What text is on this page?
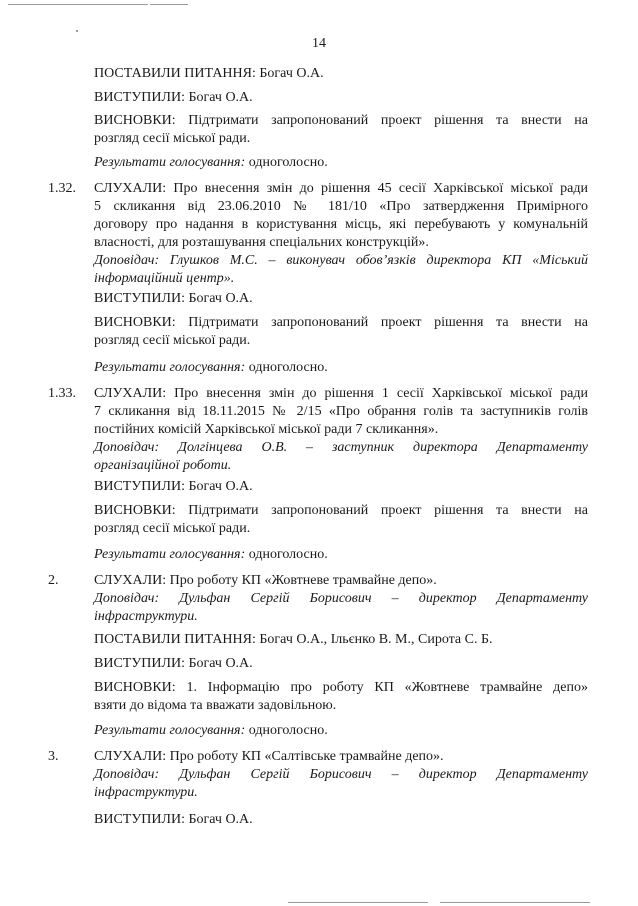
14

ПОСТАВИЛИ ПИТАННЯ: Богач О.А.

ВИСТУПИЛИ: Богач О.А.

ВИСНОВКИ: Підтримати запропонований проект рішення та внести на
розгляд сесії міської ради.

Результати голосування: одноголосно.

1.32. СЛУХАЛИ: Про внесення змін до рішення 45 сесії Харківської міської ради
5 скликання від 23.06.2010 № 181/10 «Про затвердження Примірного
договору про надання в користування місць, які перебувають у комунальній
власності, для розташування спеціальних конструкцій».
Доповідач: Глушков М.С. – виконувач обов’язків директора КП «Міський
інформаційний центр».

ВИСТУПИЛИ: Богач О.А.

ВИСНОВКИ: Підтримати запропонований проект рішення та внести на
розгляд сесії міської ради.

Результати голосування: одноголосно.

1.33. СЛУХАЛИ: Про внесення змін до рішення 1 сесії Харківської міської ради
7 скликання від 18.11.2015 № 2/15 «Про обрання голів та заступників голів
постійних комісій Харківської міської ради 7 скликання».
Доповідач: Долгінцева О.В. – заступник директора Департаменту
організаційної роботи.

ВИСТУПИЛИ: Богач О.А.

ВИСНОВКИ: Підтримати запропонований проект рішення та внести на
розгляд сесії міської ради.

Результати голосування: одноголосно.

2.	СЛУХАЛИ: Про роботу КП «Жовтневе трамвайне депо».
Доповідач: Дульфан Сергій Борисович – директор Департаменту
інфраструктури.

ПОСТАВИЛИ ПИТАННЯ: Богач О.А., Ільєнко В. М., Сирота С. Б.

ВИСТУПИЛИ: Богач О.А.

ВИСНОВКИ: 1. Інформацію про роботу КП «Жовтневе трамвайне депо»
взяти до відома та вважати задовільною.

Результати голосування: одноголосно.

3.	СЛУХАЛИ: Про роботу КП «Салтівське трамвайне депо».
Доповідач: Дульфан Сергій Борисович – директор Департаменту
інфраструктури.

ВИСТУПИЛИ: Богач О.А.
